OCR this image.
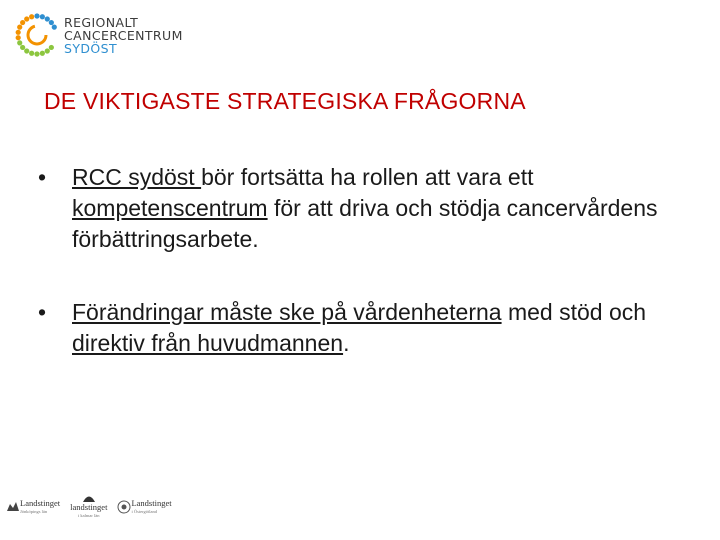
REGIONALT
CANCERCENTRUM
SYDÖST
DE VIKTIGASTE STRATEGISKA FRÅGORNA
• RCC sydöst bör fortsätta ha rollen att vara ett kompetenscentrum för att driva och stödja cancervårdens förbättringsarbete.
• Förändringar måste ske på vårdenheterna med stöd och direktiv från huvudmannen.
Landstinget
Jönköpings län	landstinget
i kalmar län
Landstinget
i Östergötland
